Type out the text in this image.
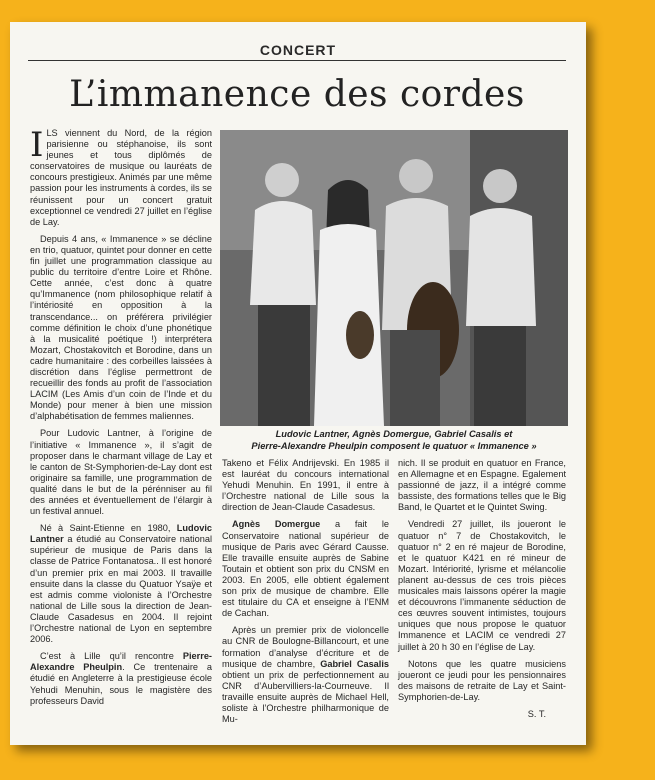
CONCERT
L’immanence des cordes

ILS viennent du Nord, de la région parisienne ou stéphanoise, ils sont jeunes et tous diplômés de conservatoires de musique ou lauréats de concours prestigieux. Animés par une même passion pour les instruments à cordes, ils se réunissent pour un concert gratuit exceptionnel ce vendredi 27 juillet en l’église de Lay.

Depuis 4 ans, « Immanence » se décline en trio, quatuor, quintet pour donner en cette fin juillet une programmation classique au public du territoire d’entre Loire et Rhône. Cette année, c’est donc à quatre qu’Immanence (nom philosophique relatif à l’intériosité en opposition à la transcendance... on préférera privilégier comme définition le choix d’une phonétique à la musicalité poétique !) interprétera Mozart, Chostakovitch et Borodine, dans un cadre humanitaire : des corbeilles laissées à discrétion dans l’église permettront de recueillir des fonds au profit de l’association LACIM (Les Amis d’un coin de l’Inde et du Monde) pour mener à bien une mission d’alphabétisation de femmes maliennes.

Pour Ludovic Lantner, à l’origine de l’initiative « Immanence », il s’agit de proposer dans le charmant village de Lay et le canton de St-Symphorien-de-Lay dont est originaire sa famille, une programmation de qualité dans le but de la pérénniser au fil des années et éventuellement de l’élargir à un festival annuel.

Né à Saint-Etienne en 1980, Ludovic Lantner a étudié au Conservatoire national supérieur de musique de Paris dans la classe de Patrice Fontanatosa.. Il est honoré d’un premier prix en mai 2003. Il travaille ensuite dans la classe du Quatuor Ysaÿe et est admis comme violoniste à l’Orchestre national de Lille sous la direction de Jean-Claude Casadesus en 2004. Il rejoint l’Orchestre national de Lyon en septembre 2006.

C’est à Lille qu’il rencontre Pierre-Alexandre Pheulpin. Ce trentenaire a étudié en Angleterre à la prestigieuse école Yehudi Menuhin, sous le magistère des professeurs David

Ludovic Lantner, Agnès Domergue, Gabriel Casalis et
Pierre-Alexandre Pheulpin composent le quatuor « Immanence »

Takeno et Félix Andrijevski. En 1985 il est lauréat du concours international Yehudi Menuhin. En 1991, il entre à l’Orchestre national de Lille sous la direction de Jean-Claude Casadesus.

Agnès Domergue a fait le Conservatoire national supérieur de musique de Paris avec Gérard Causse. Elle travaille ensuite auprès de Sabine Toutain et obtient son prix du CNSM en 2003. En 2005, elle obtient également son prix de musique de chambre. Elle est titulaire du CA et enseigne à l’ENM de Cachan.

Après un premier prix de violoncelle au CNR de Boulogne-Billancourt, et une formation d’analyse d’écriture et de musique de chambre, Gabriel Casalis obtient un prix de perfectionnement au CNR d’Aubervilliers-la-Courneuve. Il travaille ensuite auprès de Michael Hell, soliste à l’Orchestre philharmonique de Mu-

nich. Il se produit en quatuor en France, en Allemagne et en Espagne. Egalement passionné de jazz, il a intégré comme bassiste, des formations telles que le Big Band, le Quartet et le Quintet Swing.

Vendredi 27 juillet, ils joueront le quatuor n° 7 de Chostakovitch, le quatuor n° 2 en ré majeur de Borodine, et le quatuor K421 en ré mineur de Mozart. Intériorité, lyrisme et mélancolie planent au-dessus de ces trois pièces musicales mais laissons opérer la magie et découvrons l’immanente séduction de ces œuvres souvent intimistes, toujours uniques que nous propose le quatuor Immanence et LACIM ce vendredi 27 juillet à 20 h 30 en l’église de Lay.

Notons que les quatre musiciens joueront ce jeudi pour les pensionnaires des maisons de retraite de Lay et Saint-Symphorien-de-Lay.

S. T.
